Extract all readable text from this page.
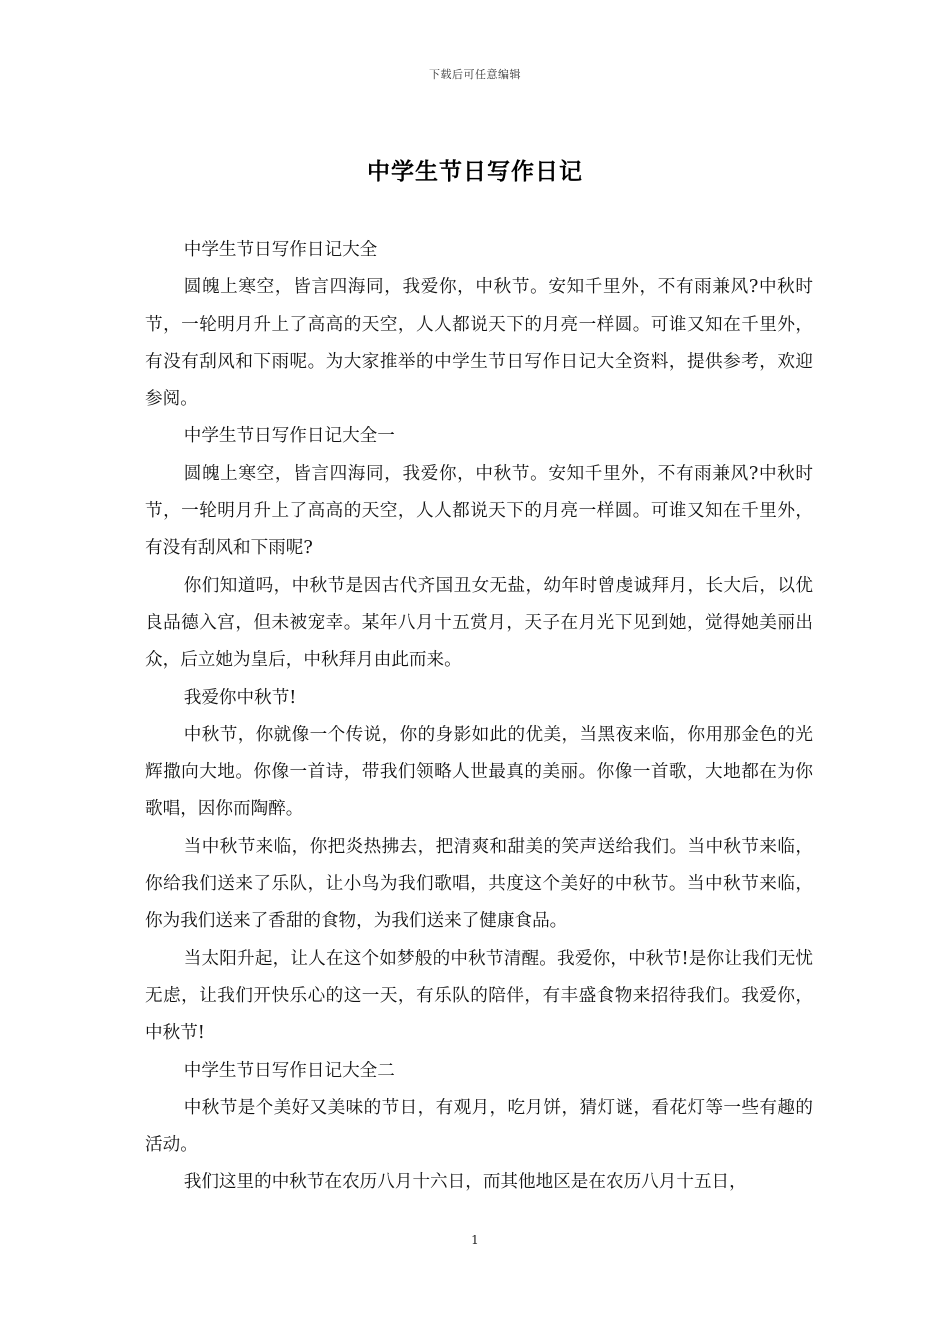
下载后可任意编辑
中学生节日写作日记

中学生节日写作日记大全

圆魄上寒空，皆言四海同，我爱你，中秋节。安知千里外，不有雨兼风?中秋时节，一轮明月升上了高高的天空，人人都说天下的月亮一样圆。可谁又知在千里外，有没有刮风和下雨呢。为大家推举的中学生节日写作日记大全资料，提供参考，欢迎参阅。

中学生节日写作日记大全一

圆魄上寒空，皆言四海同，我爱你，中秋节。安知千里外，不有雨兼风?中秋时节，一轮明月升上了高高的天空，人人都说天下的月亮一样圆。可谁又知在千里外，有没有刮风和下雨呢?

你们知道吗，中秋节是因古代齐国丑女无盐，幼年时曾虔诚拜月，长大后，以优良品德入宫，但未被宠幸。某年八月十五赏月，天子在月光下见到她，觉得她美丽出众，后立她为皇后，中秋拜月由此而来。

我爱你中秋节!

中秋节，你就像一个传说，你的身影如此的优美，当黑夜来临，你用那金色的光辉撒向大地。你像一首诗，带我们领略人世最真的美丽。你像一首歌，大地都在为你歌唱，因你而陶醉。

当中秋节来临，你把炎热拂去，把清爽和甜美的笑声送给我们。当中秋节来临，你给我们送来了乐队，让小鸟为我们歌唱，共度这个美好的中秋节。当中秋节来临，你为我们送来了香甜的食物，为我们送来了健康食品。

当太阳升起，让人在这个如梦般的中秋节清醒。我爱你，中秋节!是你让我们无忧无虑，让我们开快乐心的这一天，有乐队的陪伴，有丰盛食物来招待我们。我爱你，中秋节!

中学生节日写作日记大全二

中秋节是个美好又美味的节日，有观月，吃月饼，猜灯谜，看花灯等一些有趣的活动。

我们这里的中秋节在农历八月十六日，而其他地区是在农历八月十五日，

1
